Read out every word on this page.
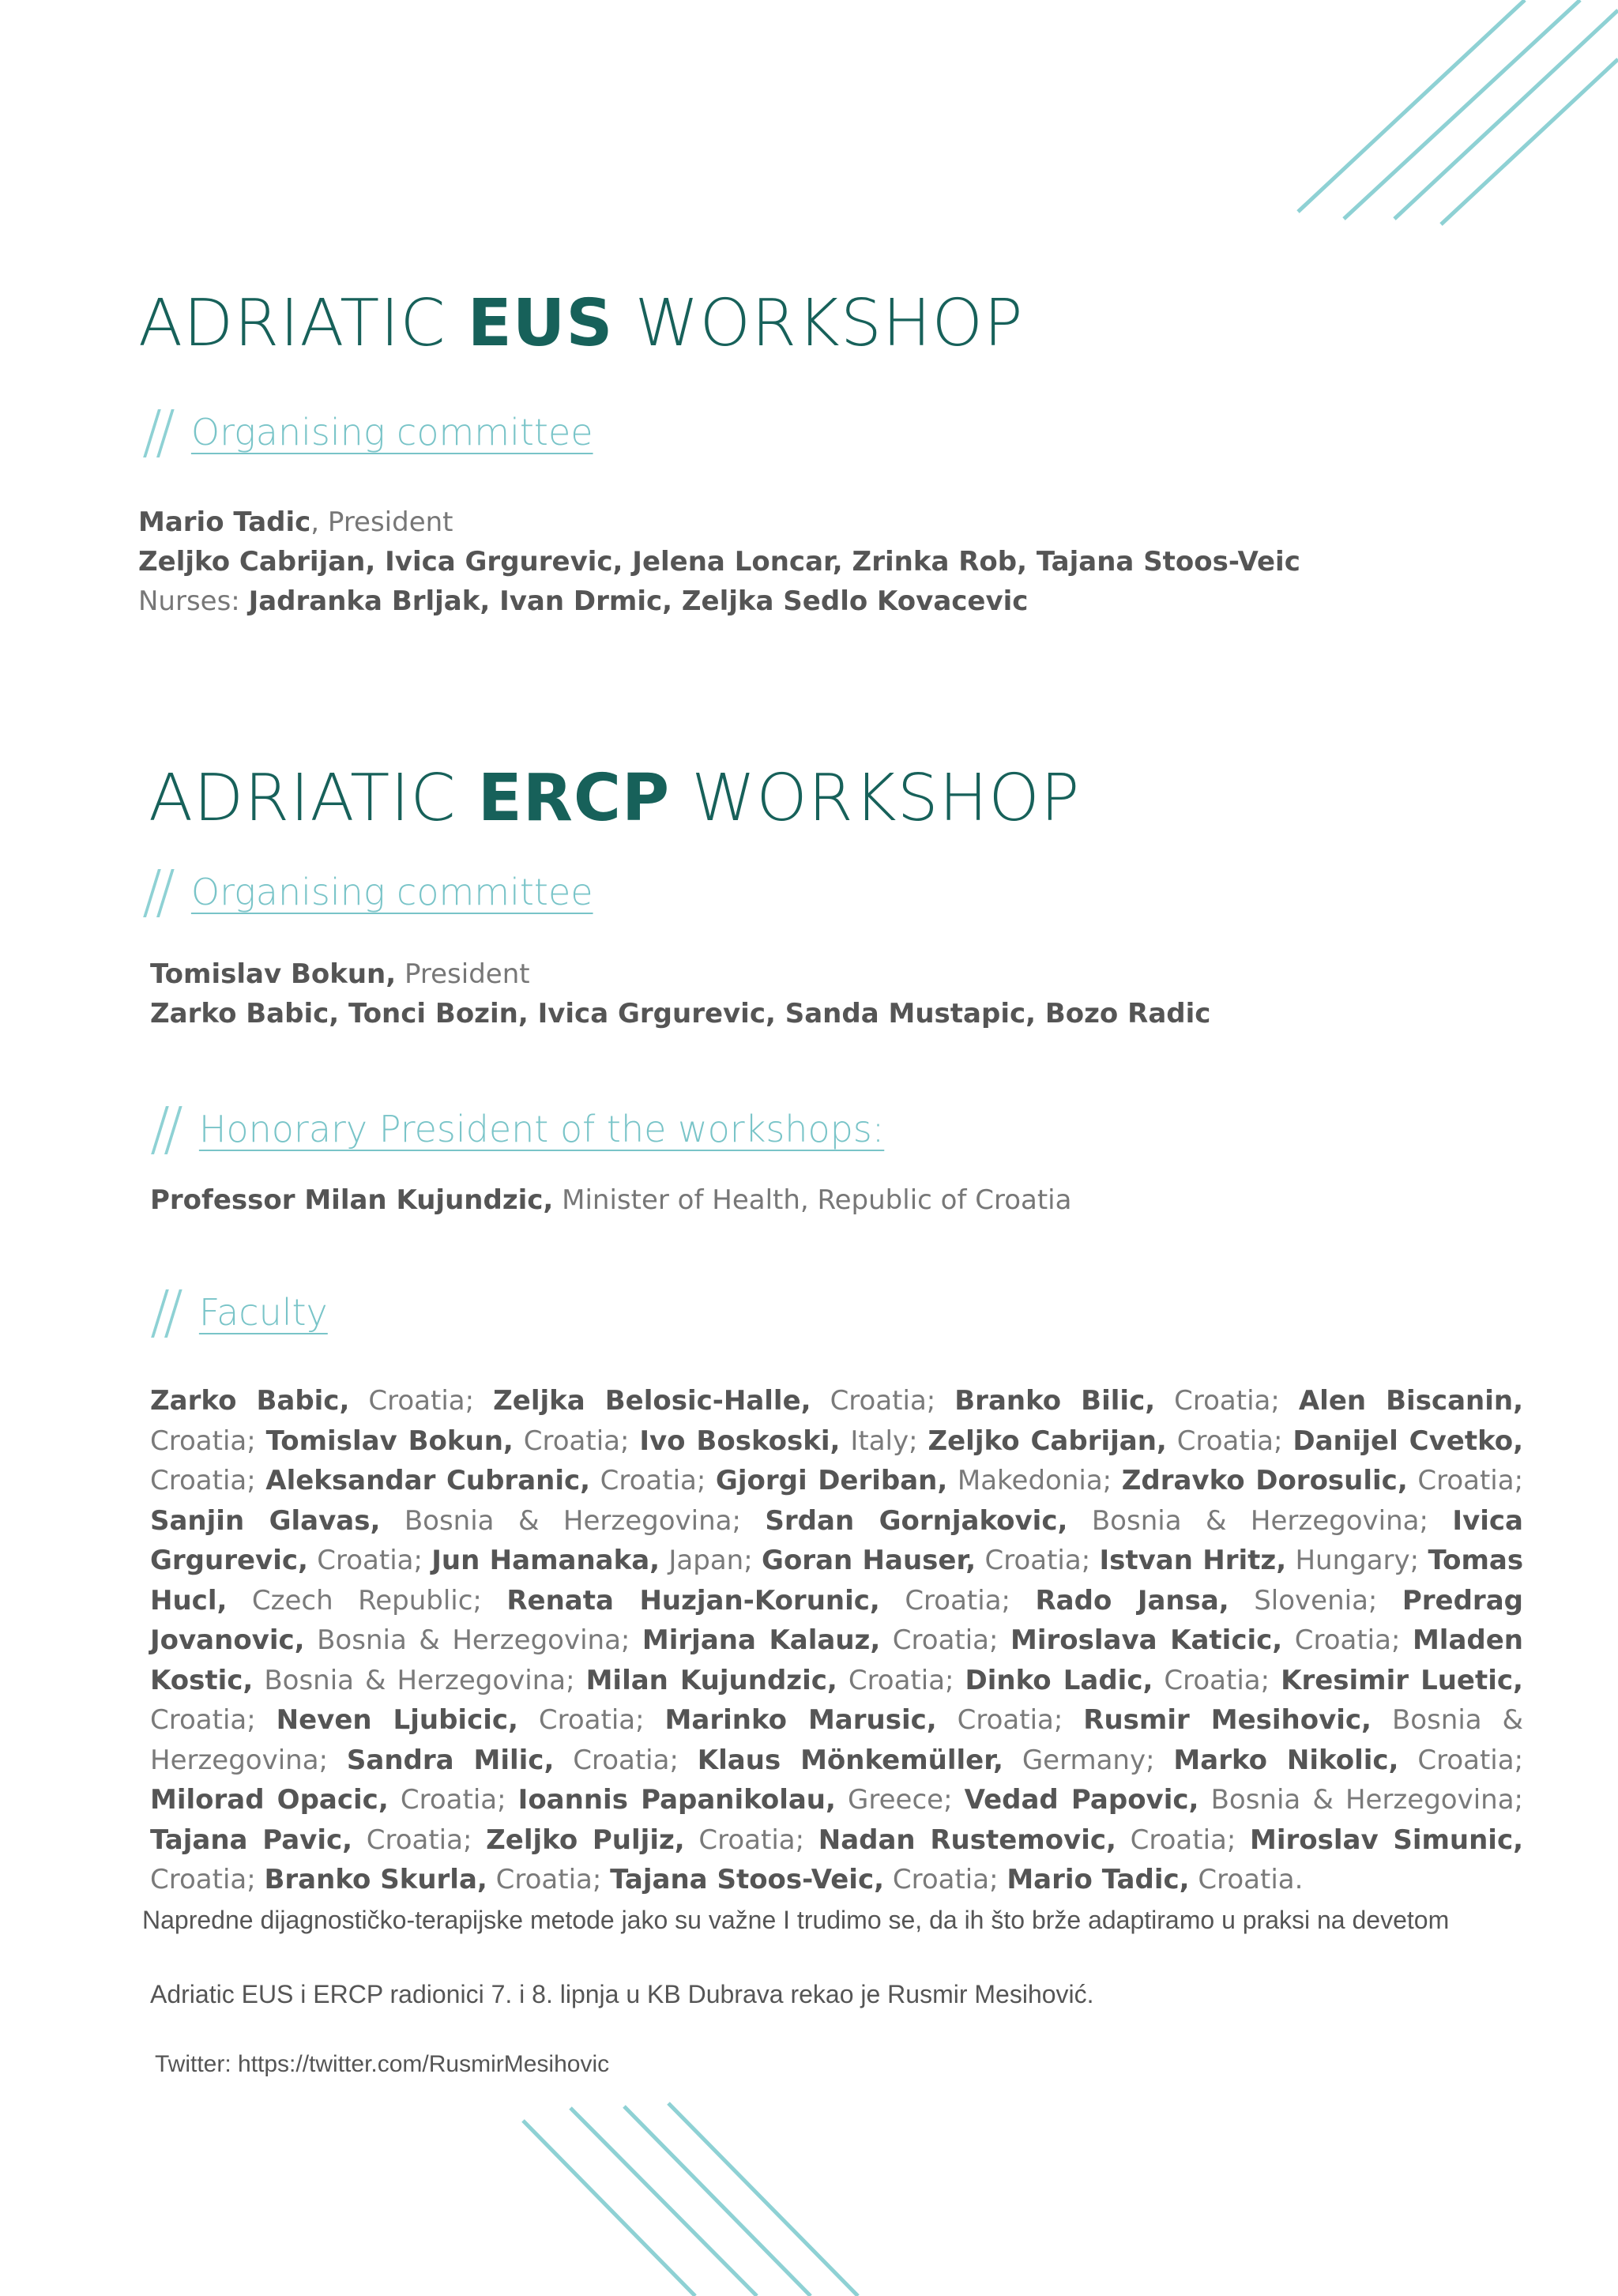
ADRIATIC EUS WORKSHOP
// Organising committee
Mario Tadic, President
Zeljko Cabrijan, Ivica Grgurevic, Jelena Loncar, Zrinka Rob, Tajana Stoos-Veic
Nurses: Jadranka Brljak, Ivan Drmic, Zeljka Sedlo Kovacevic
ADRIATIC ERCP WORKSHOP
// Organising committee
Tomislav Bokun, President
Zarko Babic, Tonci Bozin, Ivica Grgurevic, Sanda Mustapic, Bozo Radic
// Honorary President of the workshops:
Professor Milan Kujundzic, Minister of Health, Republic of Croatia
// Faculty

Zarko Babic, Croatia; Zeljka Belosic-Halle, Croatia; Branko Bilic, Croatia; Alen Biscanin, Croatia; Tomislav Bokun, Croatia; Ivo Boskoski, Italy; Zeljko Cabrijan, Croatia; Danijel Cvetko, Croatia; Aleksandar Cubranic, Croatia; Gjorgi Deriban, Makedonia; Zdravko Dorosulic, Croatia; Sanjin Glavas, Bosnia & Herzegovina; Srdan Gornjakovic, Bosnia & Herzegovina; Ivica Grgurevic, Croatia; Jun Hamanaka, Japan; Goran Hauser, Croatia; Istvan Hritz, Hungary; Tomas Hucl, Czech Republic; Renata Huzjan-Korunic, Croatia; Rado Jansa, Slovenia; Predrag Jovanovic, Bosnia & Herzegovina; Mirjana Kalauz, Croatia; Miroslava Katicic, Croatia; Mladen Kostic, Bosnia & Herzegovina; Milan Kujundzic, Croatia; Dinko Ladic, Croatia; Kresimir Luetic, Croatia; Neven Ljubicic, Croatia; Marinko Marusic, Croatia; Rusmir Mesihovic, Bosnia & Herzegovina; Sandra Milic, Croatia; Klaus Mönkemüller, Germany; Marko Nikolic, Croatia; Milorad Opacic, Croatia; Ioannis Papanikolau, Greece; Vedad Papovic, Bosnia & Herzegovina; Tajana Pavic, Croatia; Zeljko Puljiz, Croatia; Nadan Rustemovic, Croatia; Miroslav Simunic, Croatia; Branko Skurla, Croatia; Tajana Stoos-Veic, Croatia; Mario Tadic, Croatia.

Napredne dijagnostičko-terapijske metode jako su važne I trudimo se, da ih što brže adaptiramo u praksi na devetom

Adriatic EUS i ERCP radionici 7. i 8. lipnja u KB Dubrava rekao je Rusmir Mesihović.

Twitter: https://twitter.com/RusmirMesihovic
